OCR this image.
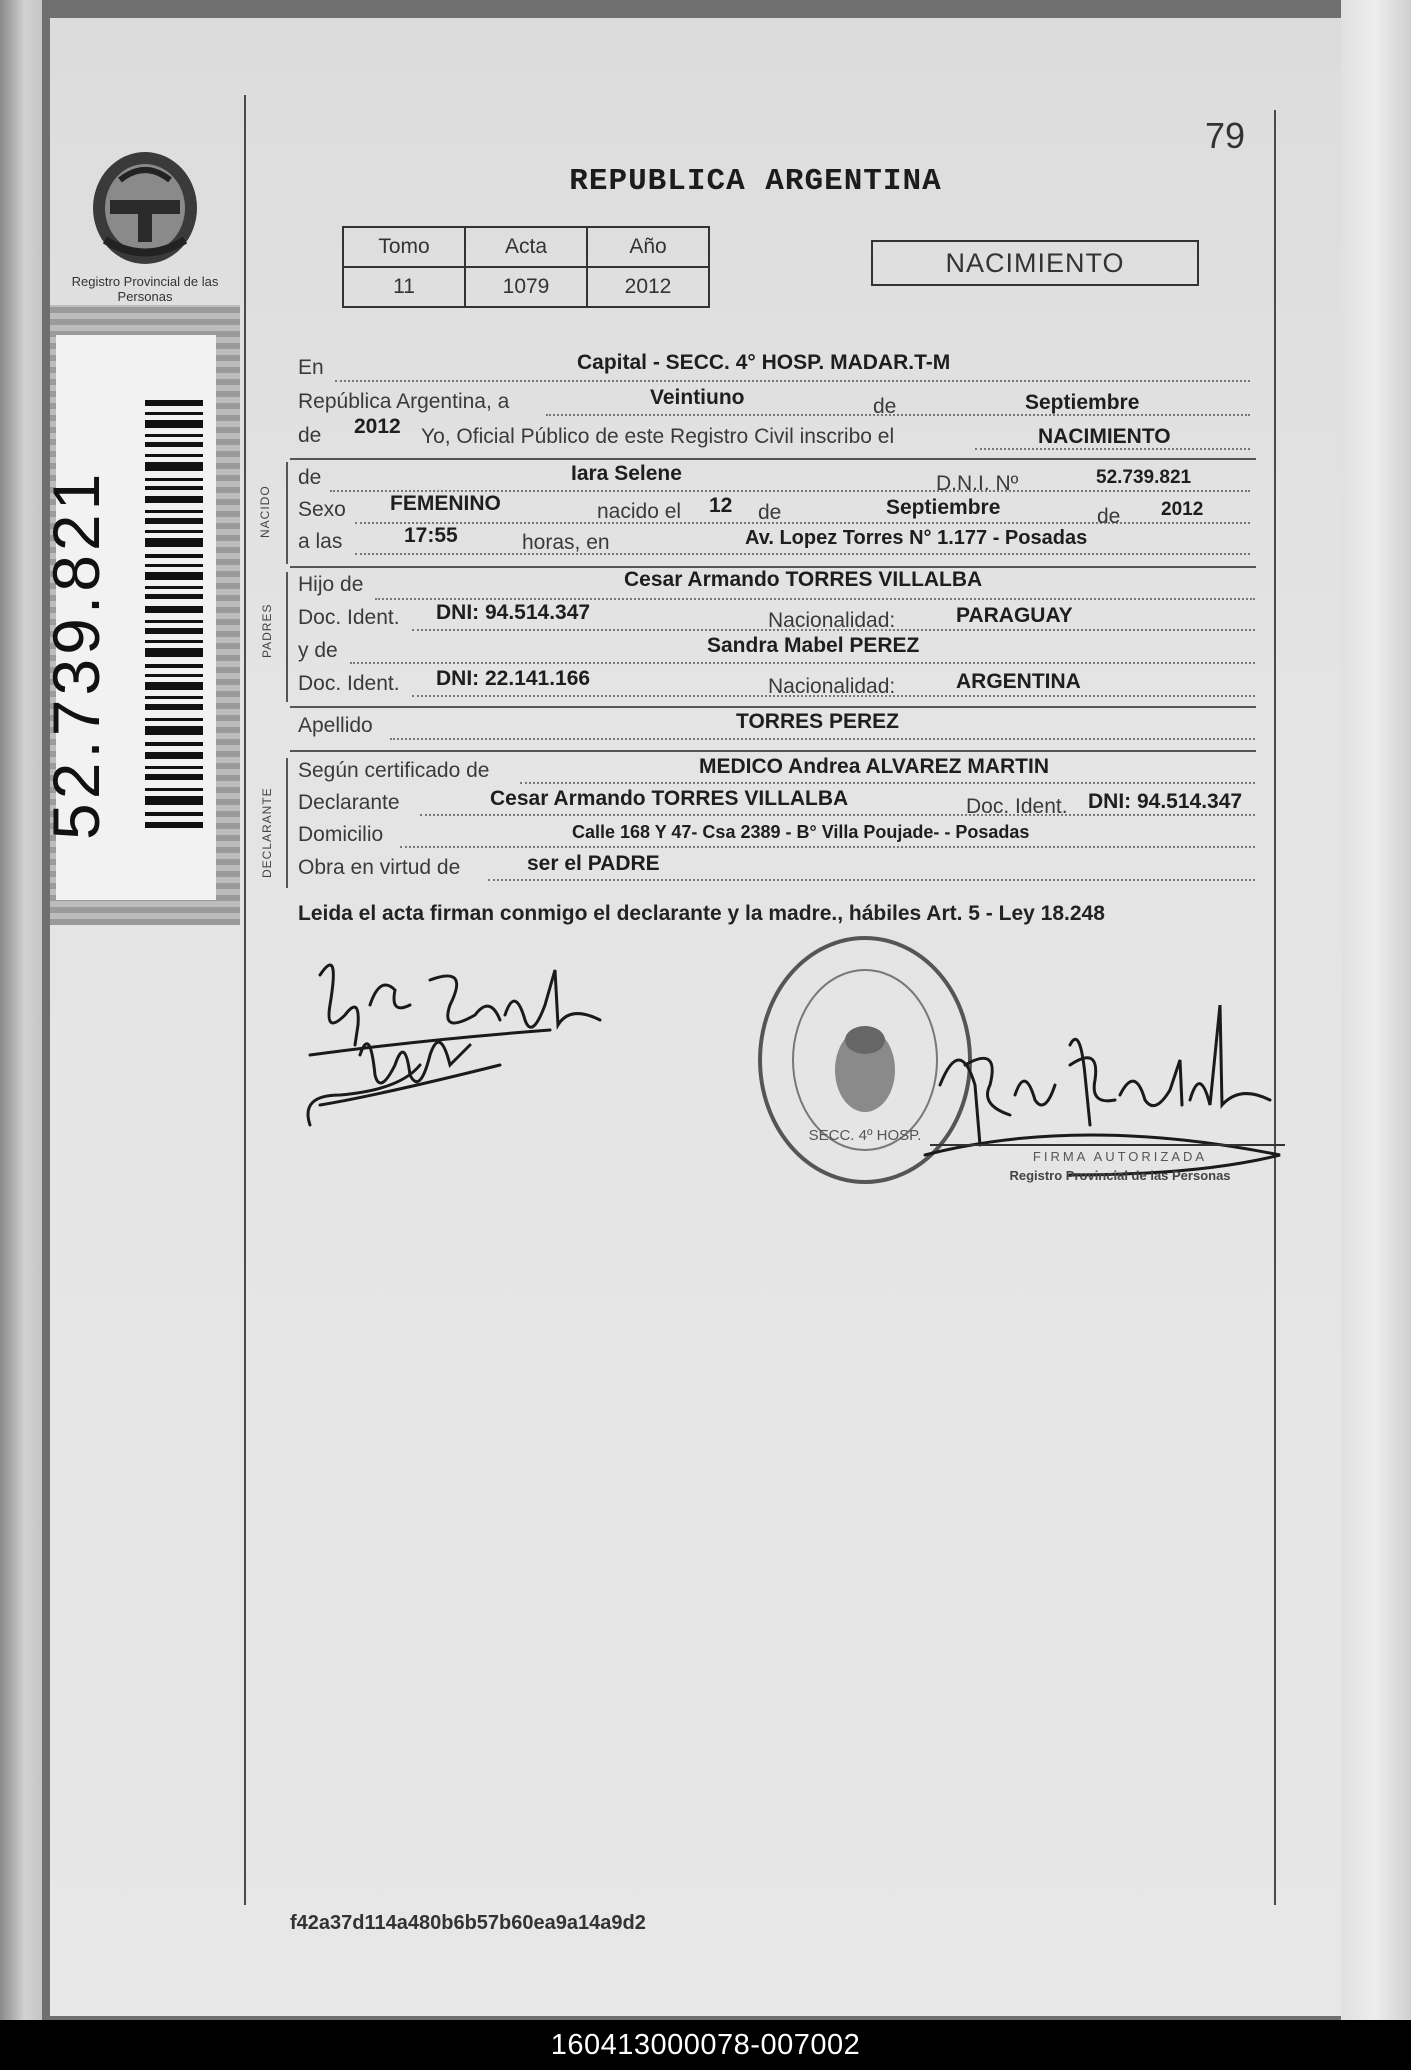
Registro Provincial de las Personas
52.739.821
79
REPUBLICA ARGENTINA
Tomo	Acta	Año
11	1079	2012
NACIMIENTO
En	Capital - SECC. 4° HOSP. MADAR.T-M
República Argentina, a	Veintiuno	de	Septiembre
de 2012 Yo, Oficial Público de este Registro Civil inscribo el	NACIMIENTO
NACIDO
de	Iara Selene	D.N.I. Nº	52.739.821
Sexo FEMENINO	nacido el 12 de	Septiembre	de 2012
a las	17:55	horas, en	Av. Lopez Torres N° 1.177 - Posadas
PADRES
Hijo de	Cesar Armando TORRES VILLALBA
Doc. Ident. DNI: 94.514.347	Nacionalidad:	PARAGUAY
y de	Sandra Mabel PEREZ
Doc. Ident. DNI: 22.141.166	Nacionalidad:	ARGENTINA
Apellido	TORRES PEREZ
DECLARANTE
Según certificado de	MEDICO Andrea ALVAREZ MARTIN
Declarante	Cesar Armando TORRES VILLALBA	Doc. Ident. DNI: 94.514.347
Domicilio	Calle 168 Y 47- Csa 2389 - B° Villa Poujade- - Posadas
Obra en virtud de	ser el PADRE
Leida el acta firman conmigo el declarante y la madre., hábiles Art. 5 - Ley 18.248
SECC. 4º HOSP.
FIRMA AUTORIZADA
Registro Provincial de las Personas
f42a37d114a480b6b57b60ea9a14a9d2
160413000078-007002
